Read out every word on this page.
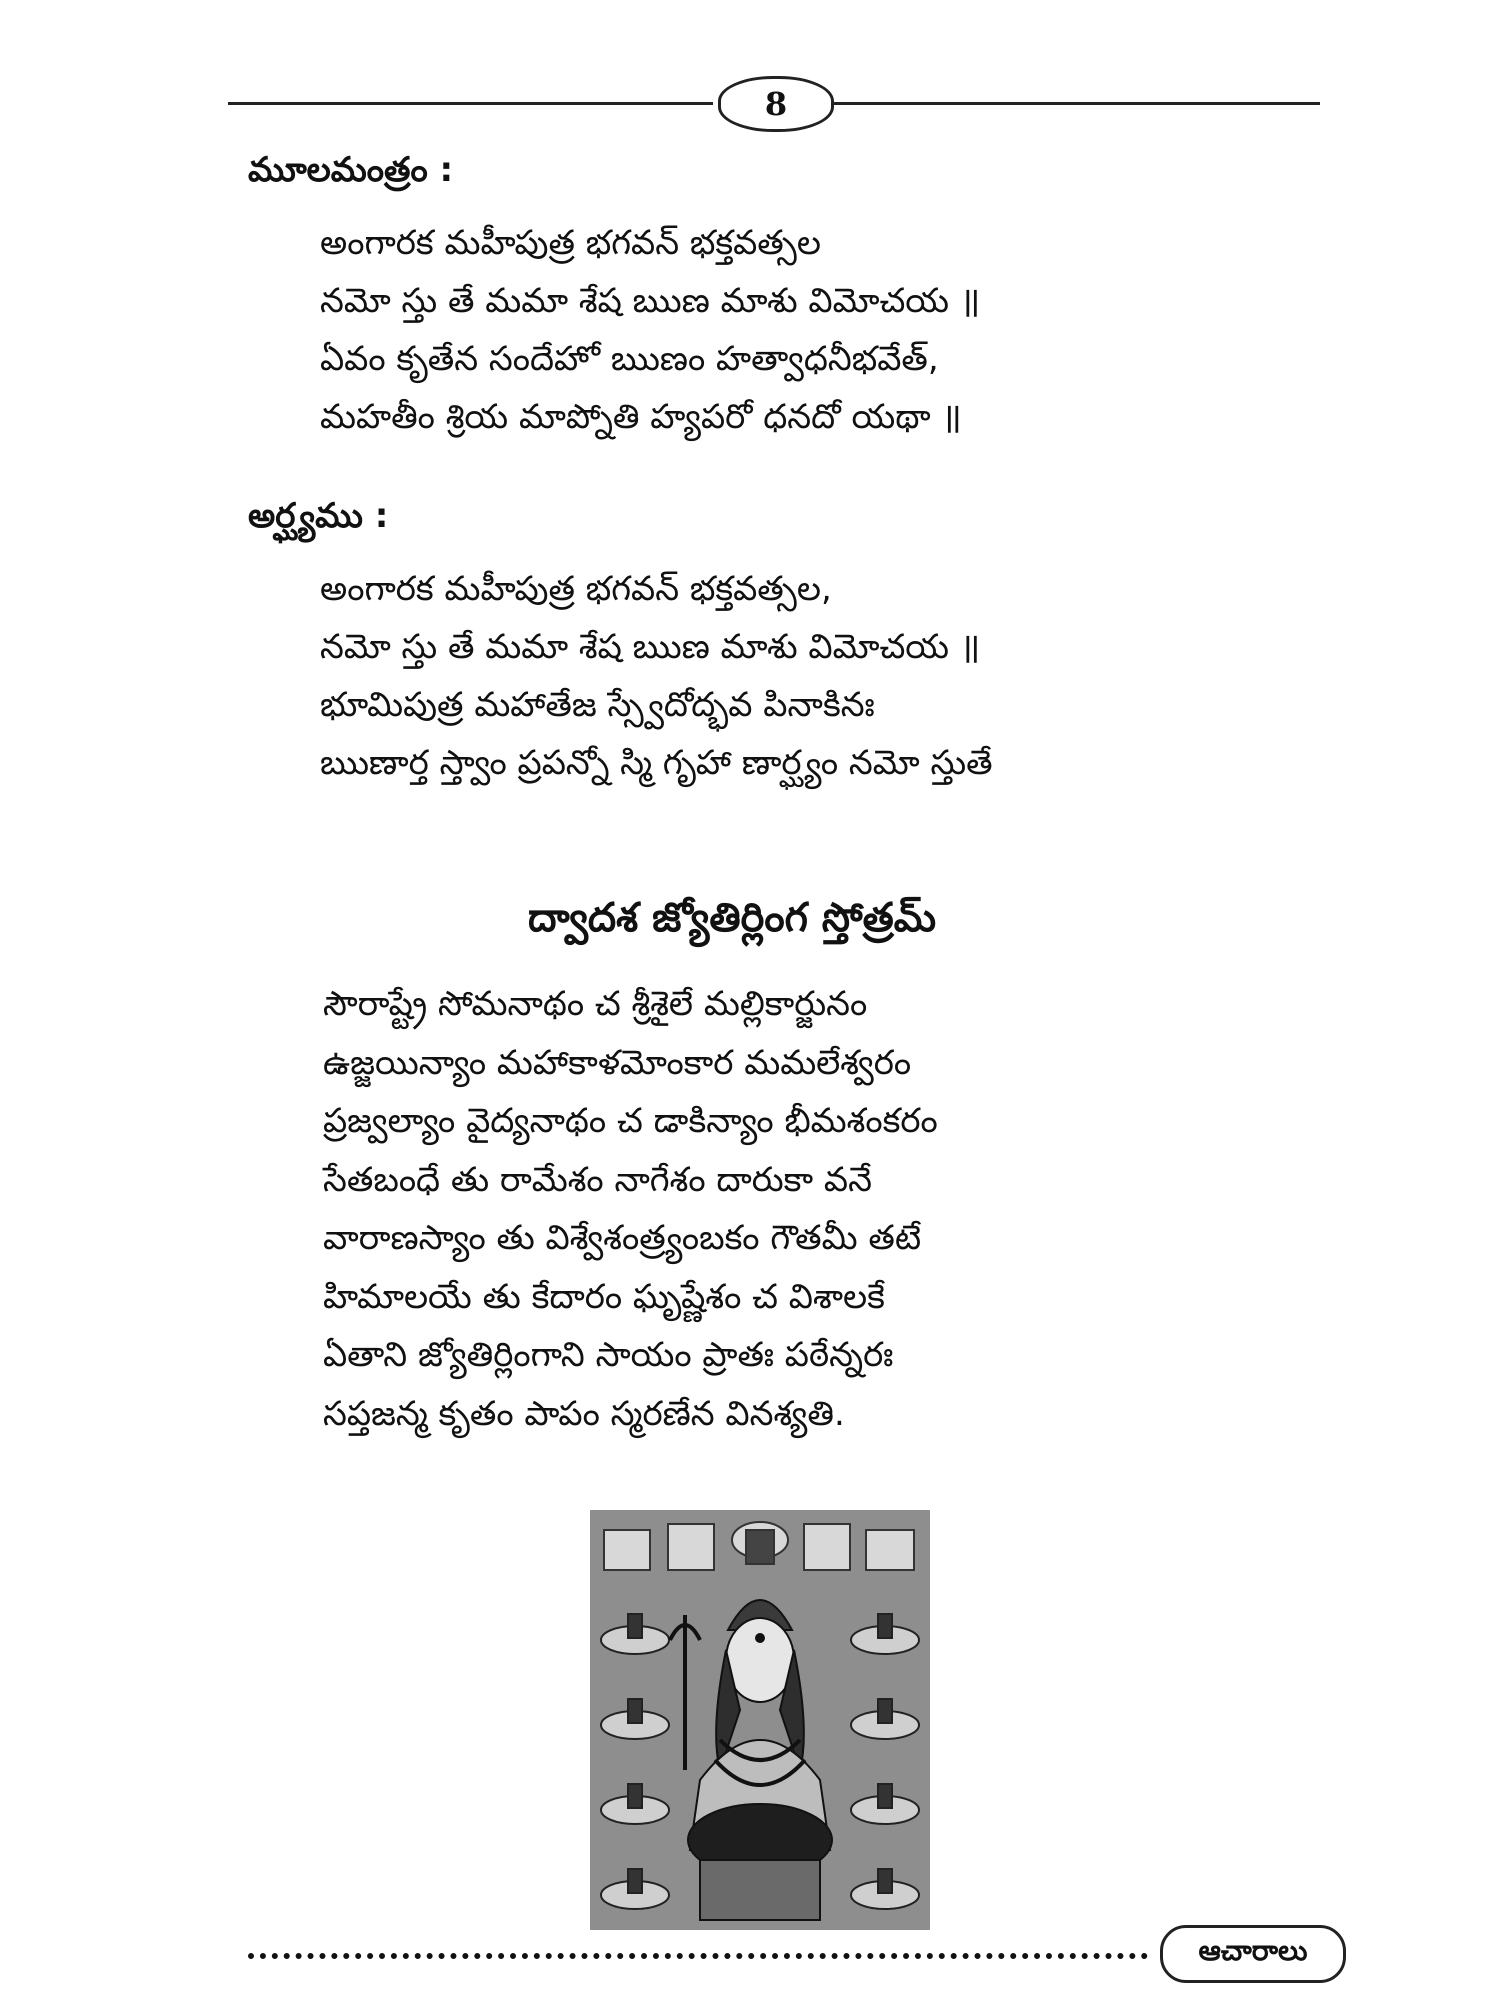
8
మూలమంత్రం :
అంగారక మహీపుత్ర భగవన్ భక్తవత్సల
నమో స్తు తే మమా శేష ఋణ మాశు విమోచయ ॥
ఏవం కృతేన సందేహో ఋణం హత్వాధనీభవేత్,
మహతీం శ్రియ మాప్నోతి హ్యపరో ధనదో యథా ॥
అర్ఘ్యము :
అంగారక మహీపుత్ర భగవన్ భక్తవత్సల,
నమో స్తు తే మమా శేష ఋణ మాశు విమోచయ ॥
భూమిపుత్ర మహాతేజ స్స్వేదోద్భవ పినాకినః
ఋణార్త స్త్వాం ప్రపన్నో స్మి గృహా ణార్ఘ్యం నమో స్తుతే
ద్వాదశ జ్యోతిర్లింగ స్తోత్రమ్
సౌరాష్ట్రే సోమనాథం చ శ్రీశైలే మల్లికార్జునం
ఉజ్జయిన్యాం మహాకాళమోంకార మమలేశ్వరం
ప్రజ్వల్యాం వైద్యనాథం చ డాకిన్యాం భీమశంకరం
సేతబంధే తు రామేశం నాగేశం దారుకా వనే
వారాణస్యాం తు విశ్వేశంత్ర్యంబకం గౌతమీ తటే
హిమాలయే తు కేదారం ఘృష్ణేశం చ విశాలకే
ఏతాని జ్యోతిర్లింగాని సాయం ప్రాతః పఠేన్నరః
సప్తజన్మ కృతం పాపం స్మరణేన వినశ్యతి.
ఆచారాలు
